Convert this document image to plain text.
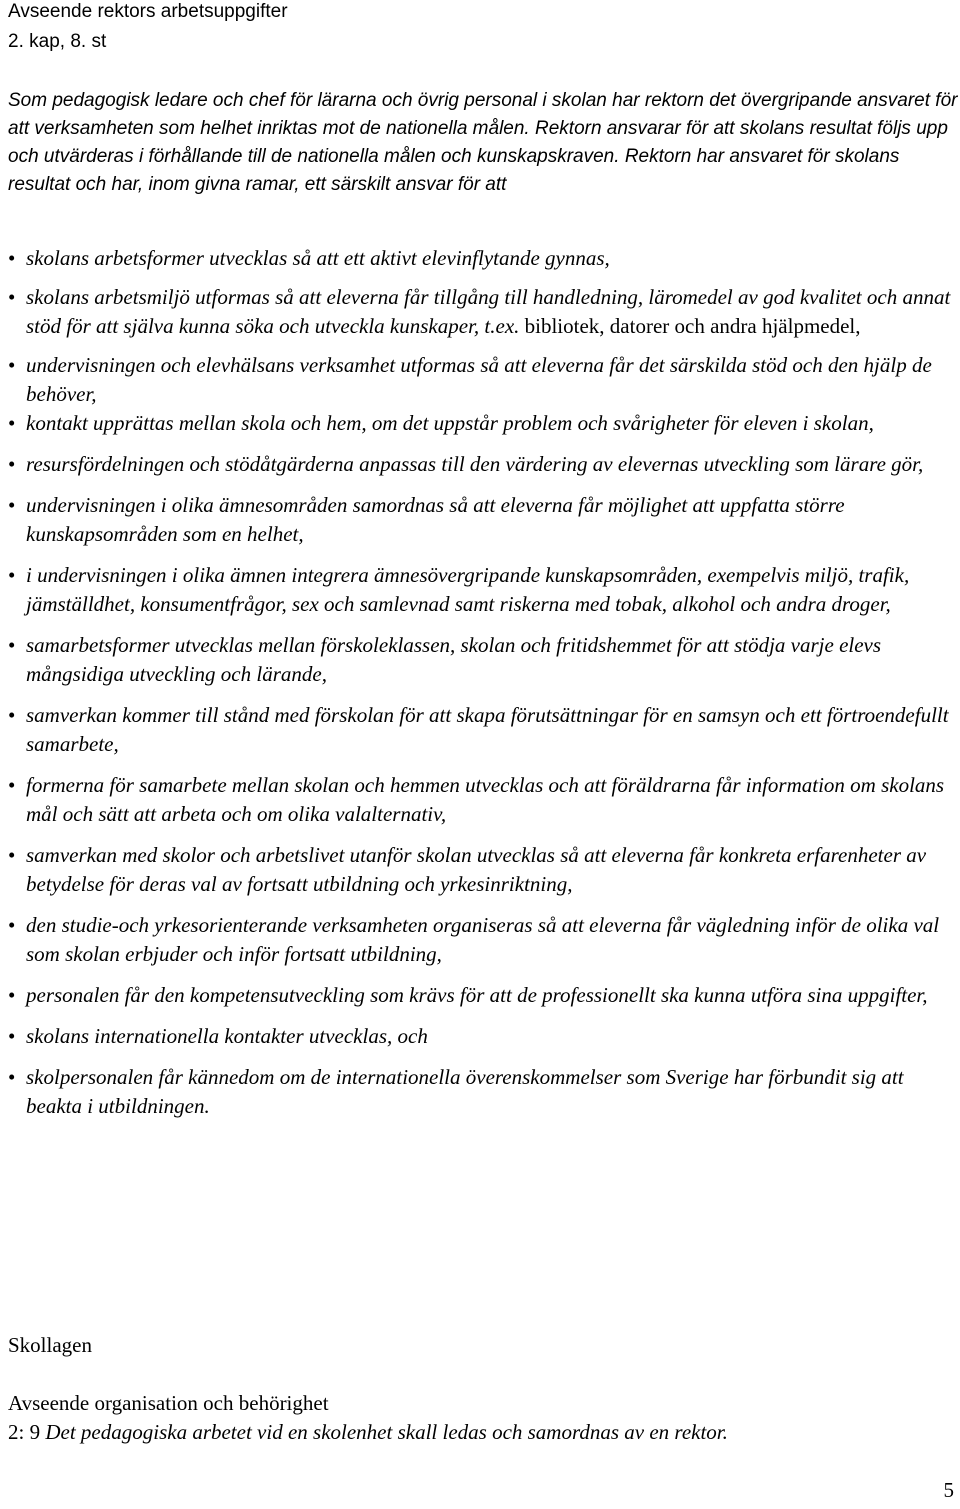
Avseende rektors arbetsuppgifter
2. kap, 8. st

Som pedagogisk ledare och chef för lärarna och övrig personal i skolan har rektorn det övergripande ansvaret för att verksamheten som helhet inriktas mot de nationella målen. Rektorn ansvarar för att skolans resultat följs upp och utvärderas i förhållande till de nationella målen och kunskapskraven. Rektorn har ansvaret för skolans resultat och har, inom givna ramar, ett särskilt ansvar för att

• skolans arbetsformer utvecklas så att ett aktivt elevinflytande gynnas,
• skolans arbetsmiljö utformas så att eleverna får tillgång till handledning, läromedel av god kvalitet och annat stöd för att själva kunna söka och utveckla kunskaper, t.ex. bibliotek, datorer och andra hjälpmedel,
• undervisningen och elevhälsans verksamhet utformas så att eleverna får det särskilda stöd och den hjälp de behöver,
• kontakt upprättas mellan skola och hem, om det uppstår problem och svårigheter för eleven i skolan,
• resursfördelningen och stödåtgärderna anpassas till den värdering av elevernas utveckling som lärare gör,
• undervisningen i olika ämnesområden samordnas så att eleverna får möjlighet att uppfatta större kunskapsområden som en helhet,
• i undervisningen i olika ämnen integrera ämnesövergripande kunskapsområden, exempelvis miljö, trafik, jämställdhet, konsumentfrågor, sex och samlevnad samt riskerna med tobak, alkohol och andra droger,
• samarbetsformer utvecklas mellan förskoleklassen, skolan och fritidshemmet för att stödja varje elevs mångsidiga utveckling och lärande,
• samverkan kommer till stånd med förskolan för att skapa förutsättningar för en samsyn och ett förtroendefullt samarbete,
• formerna för samarbete mellan skolan och hemmen utvecklas och att föräldrarna får information om skolans mål och sätt att arbeta och om olika valalternativ,
• samverkan med skolor och arbetslivet utanför skolan utvecklas så att eleverna får konkreta erfarenheter av betydelse för deras val av fortsatt utbildning och yrkesinriktning,
• den studie-och yrkesorienterande verksamheten organiseras så att eleverna får vägledning inför de olika val som skolan erbjuder och inför fortsatt utbildning,
• personalen får den kompetensutveckling som krävs för att de professionellt ska kunna utföra sina uppgifter,
• skolans internationella kontakter utvecklas, och
• skolpersonalen får kännedom om de internationella överenskommelser som Sverige har förbundit sig att beakta i utbildningen.
Skollagen
Avseende organisation och behörighet
2: 9 Det pedagogiska arbetet vid en skolenhet skall ledas och samordnas av en rektor.
5
